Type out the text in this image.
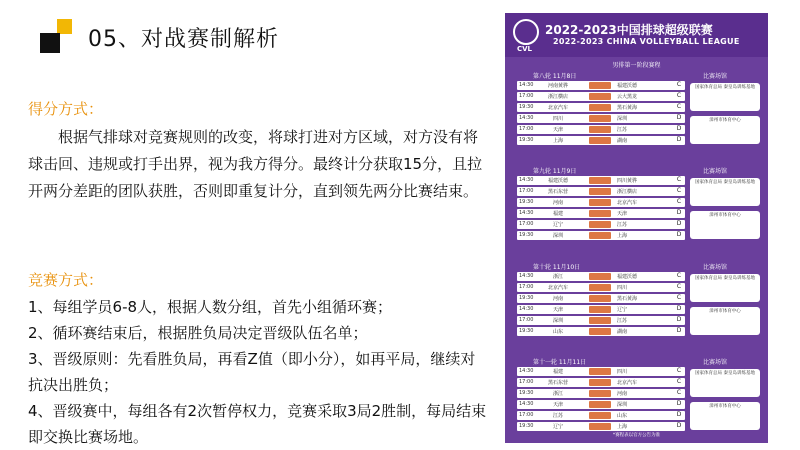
05、对战赛制解析
得分方式：
根据气排球对竞赛规则的改变，将球打进对方区域，对方没有将球击回、违规或打手出界，视为我方得分。最终计分获取15分，且拉开两分差距的团队获胜，否则即重复计分，直到领先两分比赛结束。
竞赛方式：
1、每组学员6-8人，根据人数分组，首先小组循环赛；
2、循环赛结束后，根据胜负局决定晋级队伍名单；
3、晋级原则：先看胜负局，再看Z值（即小分），如再平局，继续对抗决出胜负；
4、晋级赛中，每组各有2次暂停权力，竞赛采取3局2胜制，每局结束即交换比赛场地。
CVL
2022-2023中国排球超级联赛
2022-2023 CHINA VOLLEYBALL LEAGUE
男排第一阶段赛程
第八轮 11月8日	比赛场馆
14:30	河南黄骅	福建沃德	C
17:00	浙江横店	云大黑龙	C
19:30	北京汽车	黑石黄海	C
14:30	四川	深圳	D
17:00	天津	江苏	D
19:30	上海	湖南	D
国家体育总局 秦皇岛训练基地
漳州市体育中心
第九轮 11月9日	比赛场馆
14:30	福建沃德	四川黄骅	C
17:00	黑石东营	浙江横店	C
19:30	河南	北京汽车	C
14:30	福建	天津	D
17:00	辽宁	江苏	D
19:30	深圳	上海	D
国家体育总局 秦皇岛训练基地
漳州市体育中心
第十轮 11月10日	比赛场馆
14:30	浙江	福建沃德	C
17:00	北京汽车	四川	C
19:30	河南	黑石黄海	C
14:30	天津	辽宁	D
17:00	深圳	江苏	D
19:30	山东	湖南	D
国家体育总局 秦皇岛训练基地
漳州市体育中心
第十一轮 11月11日	比赛场馆
14:30	福建	四川	C
17:00	黑石东营	北京汽车	C
19:30	浙江	河南	C
14:30	天津	深圳	D
17:00	江苏	山东	D
19:30	辽宁	上海	D
国家体育总局 秦皇岛训练基地
漳州市体育中心
*赛程表以官方公告为准
